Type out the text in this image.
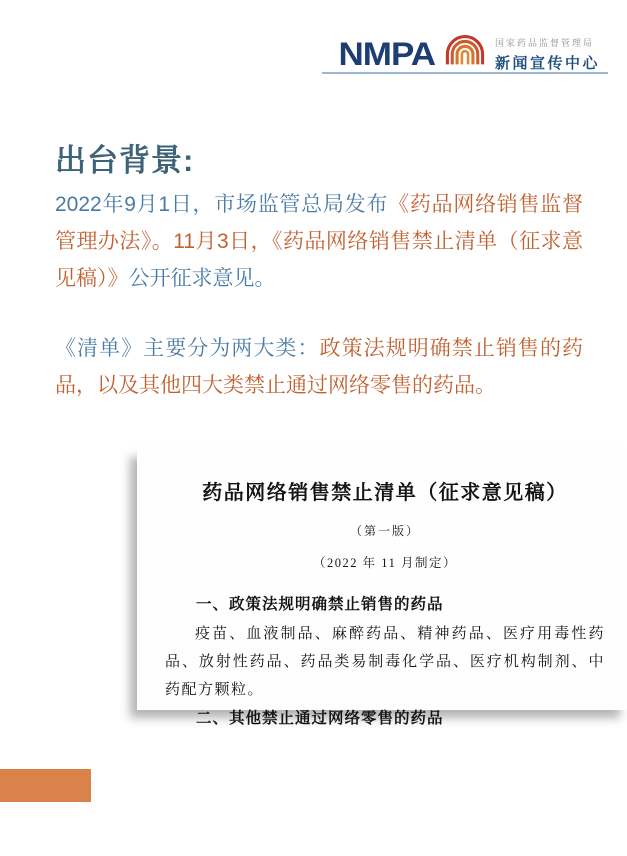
NMPA	国家药品监督管理局
新闻宣传中心
出台背景:
2022年9月1日，市场监管总局发布《药品网络销售监督管理办法》。11月3日，《药品网络销售禁止清单（征求意见稿）》公开征求意见。
《清单》主要分为两大类：政策法规明确禁止销售的药品，以及其他四大类禁止通过网络零售的药品。
药品网络销售禁止清单（征求意见稿）
（第一版）
（2022 年 11 月制定）
一、政策法规明确禁止销售的药品
疫苗、血液制品、麻醉药品、精神药品、医疗用毒性药品、放射性药品、药品类易制毒化学品、医疗机构制剂、中药配方颗粒。
二、其他禁止通过网络零售的药品
